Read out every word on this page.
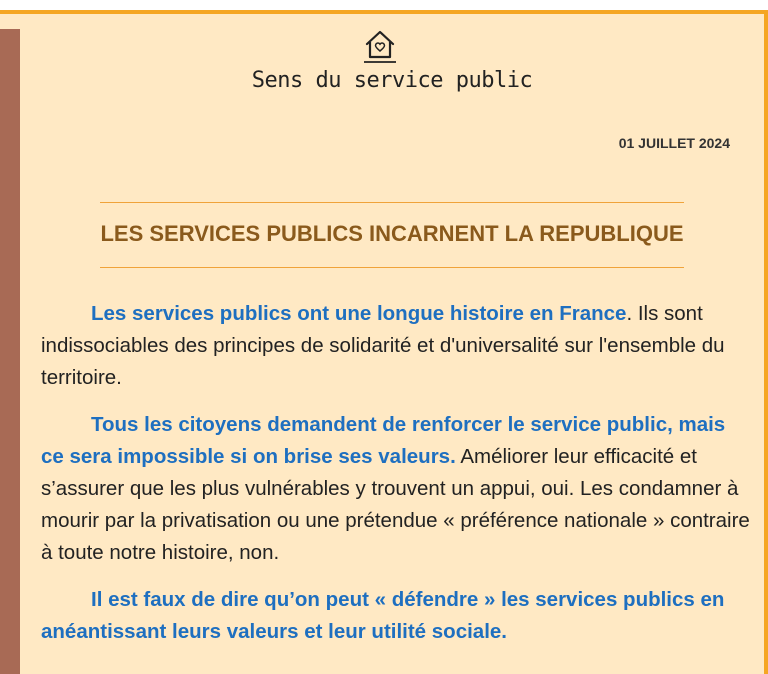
Sens du service public
01 JUILLET 2024
LES SERVICES PUBLICS INCARNENT LA REPUBLIQUE

Les services publics ont une longue histoire en France. Ils sont indissociables des principes de solidarité et d'universalité sur l'ensemble du territoire.

Tous les citoyens demandent de renforcer le service public, mais ce sera impossible si on brise ses valeurs. Améliorer leur efficacité et s’assurer que les plus vulnérables y trouvent un appui, oui. Les condamner à mourir par la privatisation ou une prétendue « préférence nationale » contraire à toute notre histoire, non.

Il est faux de dire qu’on peut « défendre » les services publics en anéantissant leurs valeurs et leur utilité sociale.
